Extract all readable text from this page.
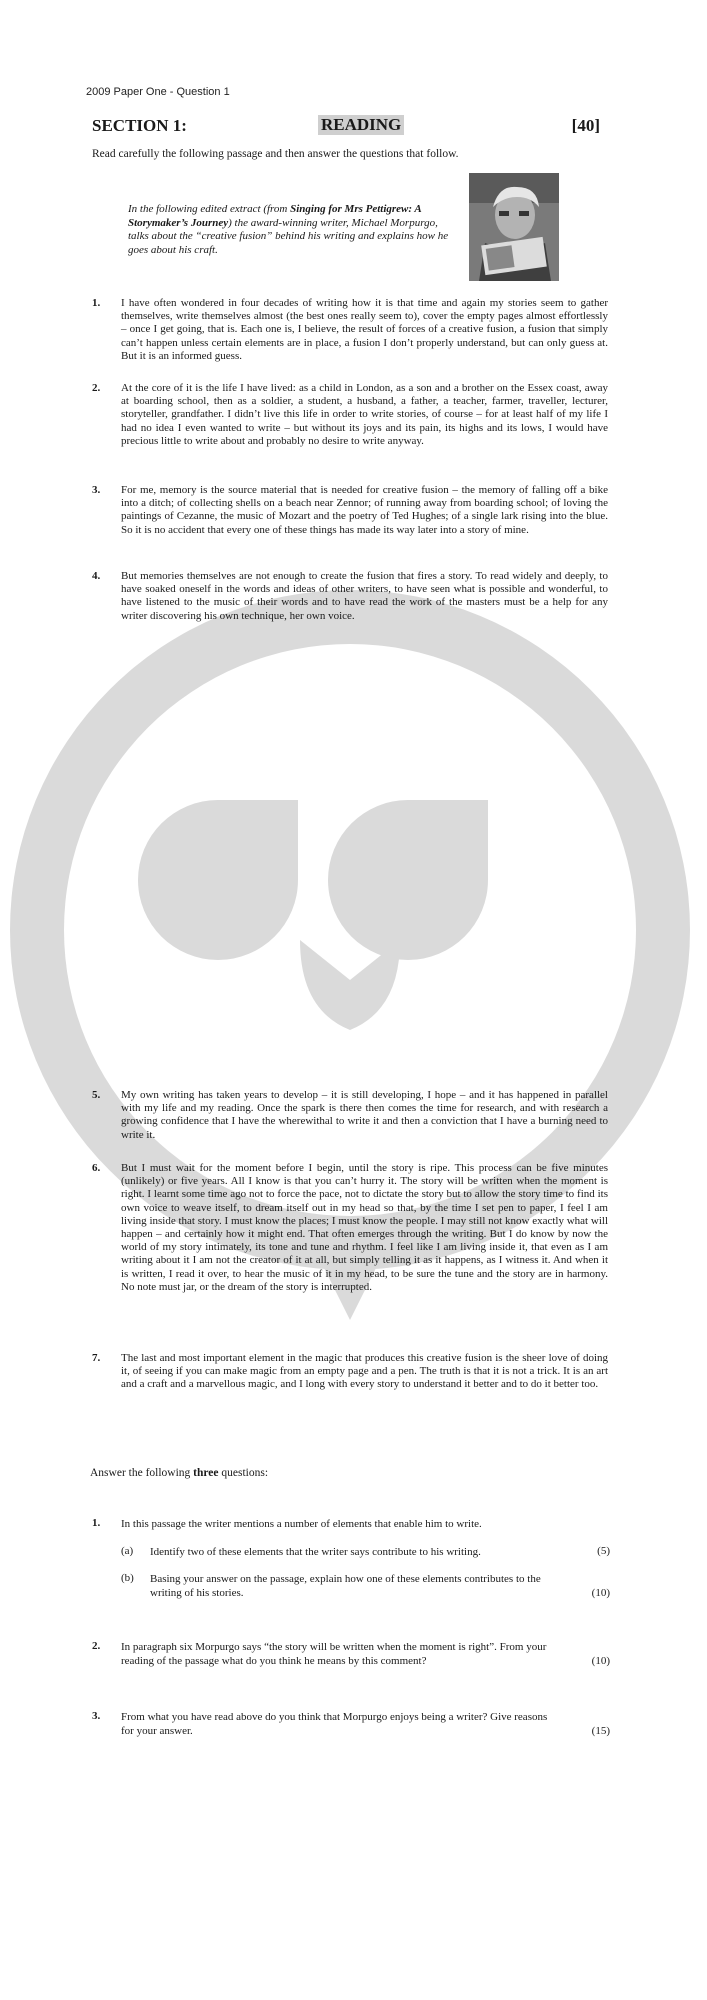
2009 Paper One - Question 1
SECTION 1:	READING	[40]
Read carefully the following passage and then answer the questions that follow.
In the following edited extract (from Singing for Mrs Pettigrew: A Storymaker’s Journey) the award-winning writer, Michael Morpurgo, talks about the “creative fusion” behind his writing and explains how he goes about his craft.
1. I have often wondered in four decades of writing how it is that time and again my stories seem to gather themselves, write themselves almost (the best ones really seem to), cover the empty pages almost effortlessly – once I get going, that is. Each one is, I believe, the result of forces of a creative fusion, a fusion that simply can’t happen unless certain elements are in place, a fusion I don’t properly understand, but can only guess at. But it is an informed guess.
2. At the core of it is the life I have lived: as a child in London, as a son and a brother on the Essex coast, away at boarding school, then as a soldier, a student, a husband, a father, a teacher, farmer, traveller, lecturer, storyteller, grandfather. I didn’t live this life in order to write stories, of course – for at least half of my life I had no idea I even wanted to write – but without its joys and its pain, its highs and its lows, I would have precious little to write about and probably no desire to write anyway.
3. For me, memory is the source material that is needed for creative fusion – the memory of falling off a bike into a ditch; of collecting shells on a beach near Zennor; of running away from boarding school; of loving the paintings of Cezanne, the music of Mozart and the poetry of Ted Hughes; of a single lark rising into the blue. So it is no accident that every one of these things has made its way later into a story of mine.
4. But memories themselves are not enough to create the fusion that fires a story. To read widely and deeply, to have soaked oneself in the words and ideas of other writers, to have seen what is possible and wonderful, to have listened to the music of their words and to have read the work of the masters must be a help for any writer discovering his own technique, her own voice.
5. My own writing has taken years to develop – it is still developing, I hope – and it has happened in parallel with my life and my reading. Once the spark is there then comes the time for research, and with research a growing confidence that I have the wherewithal to write it and then a conviction that I have a burning need to write it.
6. But I must wait for the moment before I begin, until the story is ripe. This process can be five minutes (unlikely) or five years. All I know is that you can’t hurry it. The story will be written when the moment is right. I learnt some time ago not to force the pace, not to dictate the story but to allow the story time to find its own voice to weave itself, to dream itself out in my head so that, by the time I set pen to paper, I feel I am living inside that story. I must know the places; I must know the people. I may still not know exactly what will happen – and certainly how it might end. That often emerges through the writing. But I do know by now the world of my story intimately, its tone and tune and rhythm. I feel like I am living inside it, that even as I am writing about it I am not the creator of it at all, but simply telling it as it happens, as I witness it. And when it is written, I read it over, to hear the music of it in my head, to be sure the tune and the story are in harmony. No note must jar, or the dream of the story is interrupted.
7. The last and most important element in the magic that produces this creative fusion is the sheer love of doing it, of seeing if you can make magic from an empty page and a pen. The truth is that it is not a trick. It is an art and a craft and a marvellous magic, and I long with every story to understand it better and to do it better too.
Answer the following three questions:
1. In this passage the writer mentions a number of elements that enable him to write.
(a) Identify two of these elements that the writer says contribute to his writing.	(5)
(b) Basing your answer on the passage, explain how one of these elements contributes to the writing of his stories.	(10)
2. In paragraph six Morpurgo says “the story will be written when the moment is right”. From your reading of the passage what do you think he means by this comment?	(10)
3. From what you have read above do you think that Morpurgo enjoys being a writer? Give reasons for your answer.	(15)
